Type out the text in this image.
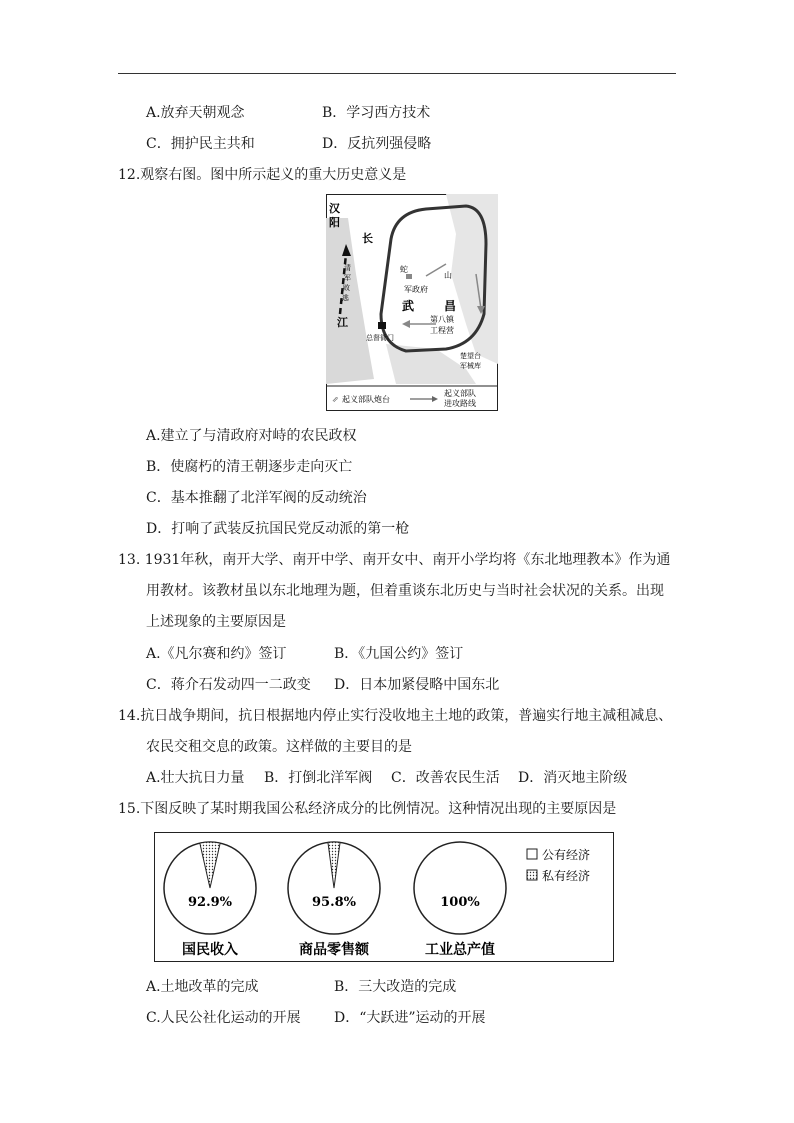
A.放弃天朝观念	B．学习西方技术
C．拥护民主共和	D．反抗列强侵略
12.观察右图。图中所示起义的重大历史意义是
汉
阳
长
江
清
军
败
逃
蛇
山
军政府
武 昌
第八镇
工程营
总督衙门
楚望台
军械库
⇗ 起义部队炮台
起义部队
进攻路线
A.建立了与清政府对峙的农民政权
B．使腐朽的清王朝逐步走向灭亡
C．基本推翻了北洋军阀的反动统治
D．打响了武装反抗国民党反动派的第一枪
13. 1931年秋，南开大学、南开中学、南开女中、南开小学均将《东北地理教本》作为通
用教材。该教材虽以东北地理为题，但着重谈东北历史与当时社会状况的关系。出现
上述现象的主要原因是
A.《凡尔赛和约》签订	B．《九国公约》签订
C．蒋介石发动四一二政变 D．日本加紧侵略中国东北
14.抗日战争期间，抗日根据地内停止实行没收地主土地的政策，普遍实行地主减租减息、
农民交租交息的政策。这样做的主要目的是
A.壮大抗日力量 B．打倒北洋军阀 C．改善农民生活 D．消灭地主阶级
15.下图反映了某时期我国公私经济成分的比例情况。这种情况出现的主要原因是
92.9%
国民收入
95.8%
商品零售额
100%
工业总产值
公有经济
私有经济
A.土地改革的完成	B．三大改造的完成
C.人民公社化运动的开展 D．“大跃进”运动的开展
